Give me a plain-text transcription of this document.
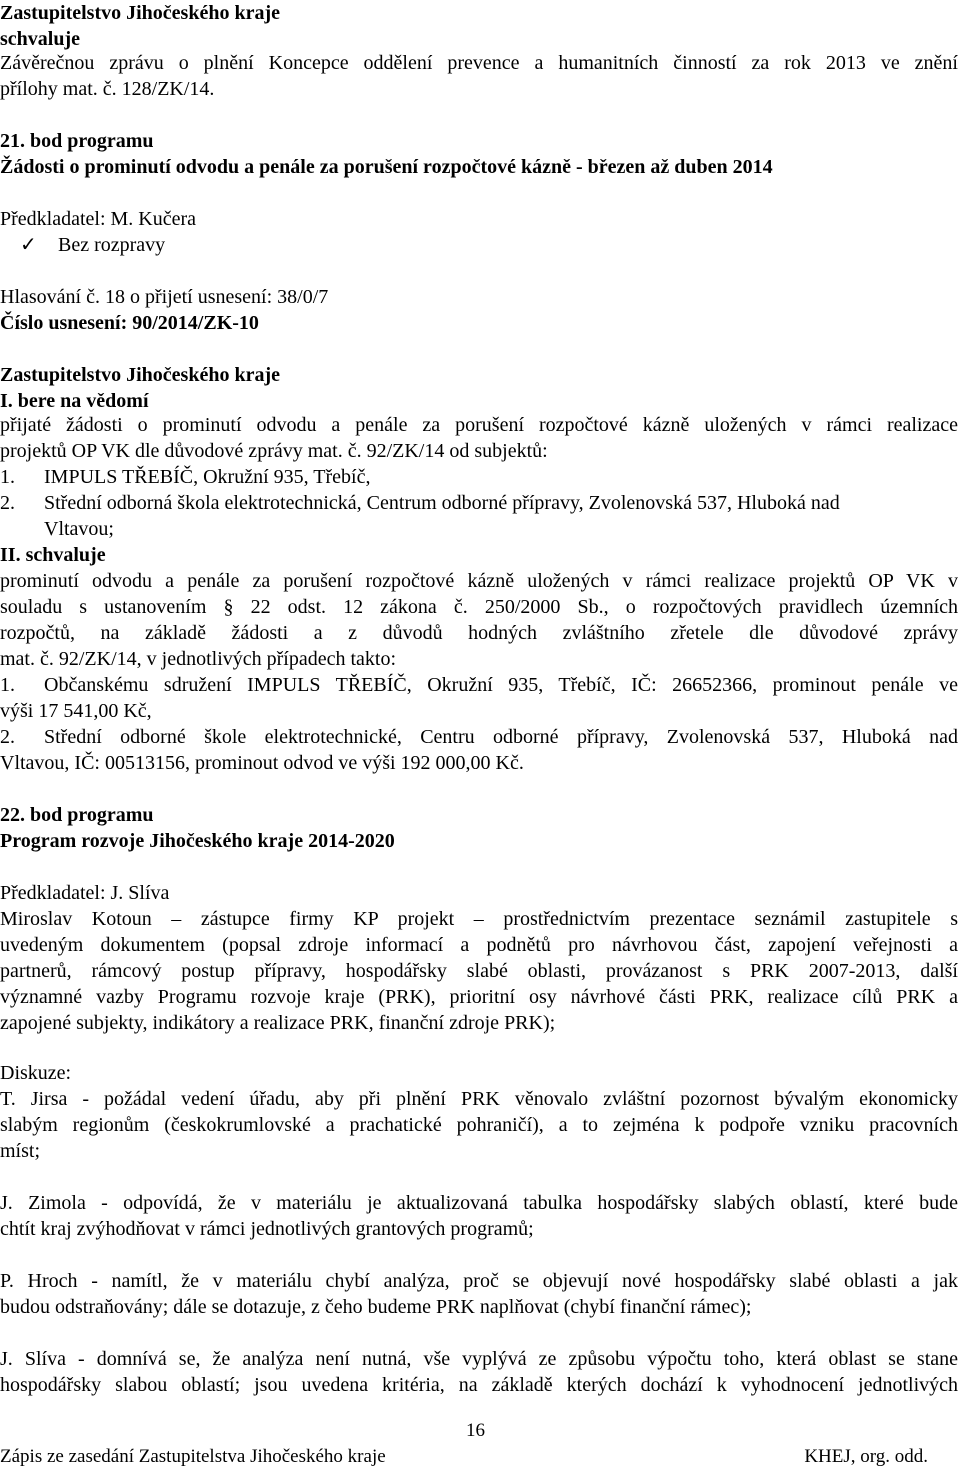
Zastupitelstvo Jihočeského kraje
schvaluje
Závěrečnou zprávu o plnění Koncepce oddělení prevence a humanitních činností za rok 2013 ve znění
přílohy mat. č. 128/ZK/14.
21. bod programu
Žádosti o prominutí odvodu a penále za porušení rozpočtové kázně - březen až duben 2014
Předkladatel: M. Kučera
✓ Bez rozpravy
Hlasování č. 18 o přijetí usnesení: 38/0/7
Číslo usnesení: 90/2014/ZK-10
Zastupitelstvo Jihočeského kraje
I. bere na vědomí
přijaté žádosti o prominutí odvodu a penále za porušení rozpočtové kázně uložených v rámci realizace
projektů OP VK dle důvodové zprávy mat. č. 92/ZK/14 od subjektů:
1. IMPULS TŘEBÍČ, Okružní 935, Třebíč,
2. Střední odborná škola elektrotechnická, Centrum odborné přípravy, Zvolenovská 537, Hluboká nad
Vltavou;
II. schvaluje
prominutí odvodu a penále za porušení rozpočtové kázně uložených v rámci realizace projektů OP VK v
souladu s ustanovením § 22 odst. 12 zákona č. 250/2000 Sb., o rozpočtových pravidlech územních
rozpočtů, na základě žádosti a z důvodů hodných zvláštního zřetele dle důvodové zprávy
mat. č. 92/ZK/14, v jednotlivých případech takto:
1.	Občanskému sdružení IMPULS TŘEBÍČ, Okružní 935, Třebíč, IČ: 26652366, prominout penále ve
výši 17 541,00 Kč,
2.	Střední odborné škole elektrotechnické, Centru odborné přípravy, Zvolenovská 537, Hluboká nad
Vltavou, IČ: 00513156, prominout odvod ve výši 192 000,00 Kč.
22. bod programu
Program rozvoje Jihočeského kraje 2014-2020
Předkladatel: J. Slíva
Miroslav Kotoun – zástupce firmy KP projekt – prostřednictvím prezentace seznámil zastupitele s
uvedeným dokumentem (popsal zdroje informací a podnětů pro návrhovou část, zapojení veřejnosti a
partnerů, rámcový postup přípravy, hospodářsky slabé oblasti, provázanost s PRK 2007-2013, další
významné vazby Programu rozvoje kraje (PRK), prioritní osy návrhové části PRK, realizace cílů PRK a
zapojené subjekty, indikátory a realizace PRK, finanční zdroje PRK);
Diskuze:
T. Jirsa - požádal vedení úřadu, aby při plnění PRK věnovalo zvláštní pozornost bývalým ekonomicky
slabým regionům (českokrumlovské a prachatické pohraničí), a to zejména k podpoře vzniku pracovních
míst;
J. Zimola - odpovídá, že v materiálu je aktualizovaná tabulka hospodářsky slabých oblastí, které bude
chtít kraj zvýhodňovat v rámci jednotlivých grantových programů;
P. Hroch - namítl, že v materiálu chybí analýza, proč se objevují nové hospodářsky slabé oblasti a jak
budou odstraňovány; dále se dotazuje, z čeho budeme PRK naplňovat (chybí finanční rámec);
J. Slíva - domnívá se, že analýza není nutná, vše vyplývá ze způsobu výpočtu toho, která oblast se stane
hospodářsky slabou oblastí; jsou uvedena kritéria, na základě kterých dochází k vyhodnocení jednotlivých
16
Zápis ze zasedání Zastupitelstva Jihočeského kraje	KHEJ, org. odd.
